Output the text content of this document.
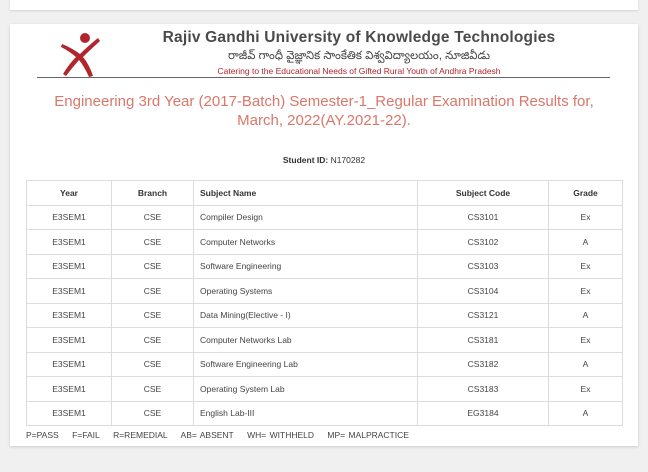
Rajiv Gandhi University of Knowledge Technologies
రాజీవ్ గాంధీ వైజ్ఞానిక సాంకేతిక విశ్వవిద్యాలయం, నూజివీడు
Catering to the Educational Needs of Gifted Rural Youth of Andhra Pradesh
Engineering 3rd Year (2017-Batch) Semester-1_Regular Examination Results for, March, 2022(AY.2021-22).
Student ID: N170282
Year	Branch	Subject Name	Subject Code	Grade
E3SEM1	CSE	Compiler Design	CS3101	Ex
E3SEM1	CSE	Computer Networks	CS3102	A
E3SEM1	CSE	Software Engineering	CS3103	Ex
E3SEM1	CSE	Operating Systems	CS3104	Ex
E3SEM1	CSE	Data Mining(Elective - I)	CS3121	A
E3SEM1	CSE	Computer Networks Lab	CS3181	Ex
E3SEM1	CSE	Software Engineering Lab	CS3182	A
E3SEM1	CSE	Operating System Lab	CS3183	Ex
E3SEM1	CSE	English Lab-III	EG3184	A
P=PASS F=FAIL R=REMEDIAL AB= ABSENT WH= WITHHELD MP= MALPRACTICE
